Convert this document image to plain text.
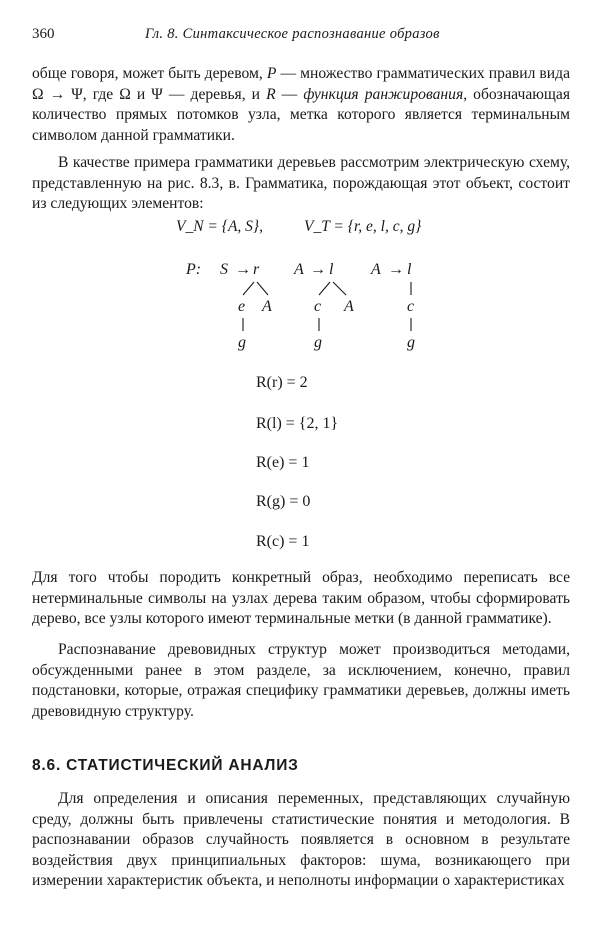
360	Гл. 8. Синтаксическое распознавание образов

обще говоря, может быть деревом, P — множество грамматических правил вида Ω → Ψ, где Ω и Ψ — деревья, и R — функция ранжирования, обозначающая количество прямых потомков узла, метка которого является терминальным символом данной грамматики.

В качестве примера грамматики деревьев рассмотрим электрическую схему, представленную на рис. 8.3, в. Грамматика, порождающая этот объект, состоит из следующих элементов:

V_N = {A, S},	V_T = {r, e, l, c, g}
P: S → r
e A
g
A → l
c A
g
A → l
c
g
R(r) = 2
R(l) = {2, 1}
R(e) = 1
R(g) = 0
R(c) = 1

Для того чтобы породить конкретный образ, необходимо переписать все нетерминальные символы на узлах дерева таким образом, чтобы сформировать дерево, все узлы которого имеют терминальные метки (в данной грамматике).

Распознавание древовидных структур может производиться методами, обсужденными ранее в этом разделе, за исключением, конечно, правил подстановки, которые, отражая специфику грамматики деревьев, должны иметь древовидную структуру.

8.6. СТАТИСТИЧЕСКИЙ АНАЛИЗ

Для определения и описания переменных, представляющих случайную среду, должны быть привлечены статистические понятия и методология. В распознавании образов случайность появляется в основном в результате воздействия двух принципиальных факторов: шума, возникающего при измерении характеристик объекта, и неполноты информации о характеристиках
